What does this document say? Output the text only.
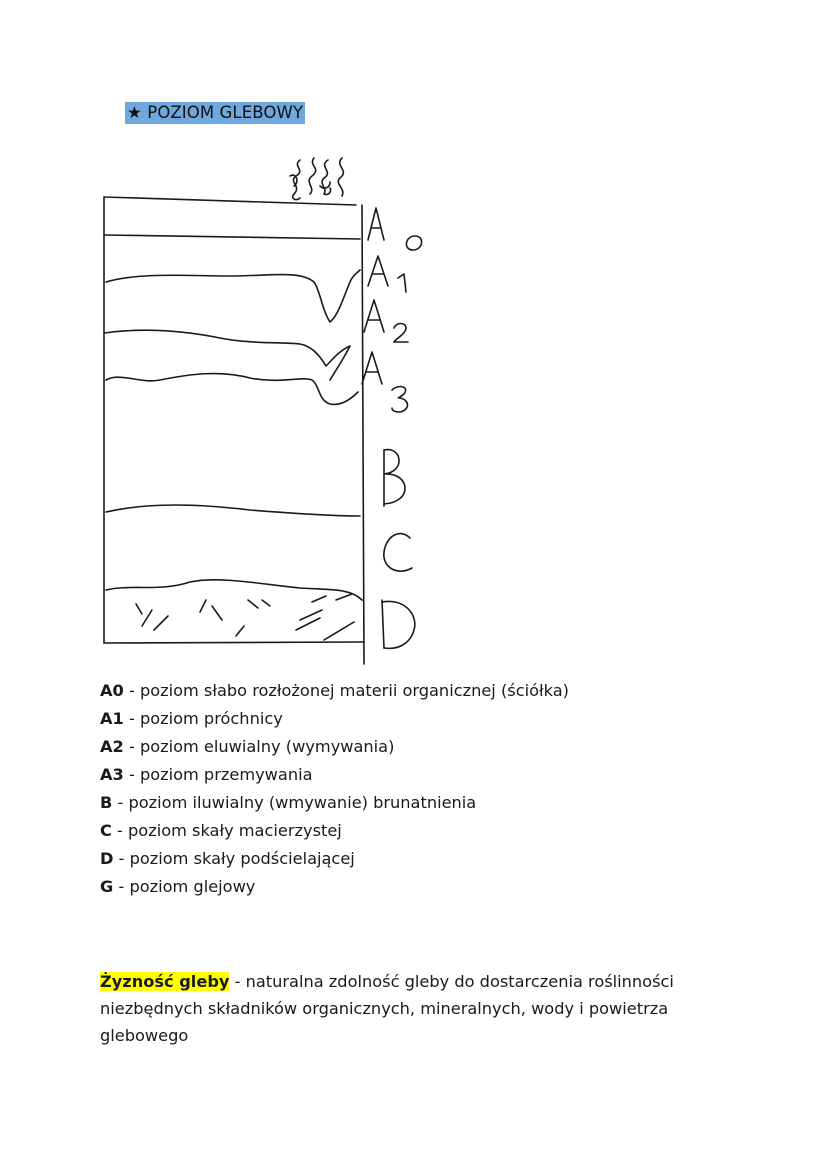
★ POZIOM GLEBOWY
A0 - poziom słabo rozłożonej materii organicznej (ściółka)
A1 - poziom próchnicy
A2 - poziom eluwialny (wymywania)
A3 - poziom przemywania
B - poziom iluwialny (wmywanie) brunatnienia
C - poziom skały macierzystej
D - poziom skały podścielającej
G - poziom glejowy

Żyzność gleby - naturalna zdolność gleby do dostarczenia roślinności niezbędnych składników organicznych, mineralnych, wody i powietrza glebowego
